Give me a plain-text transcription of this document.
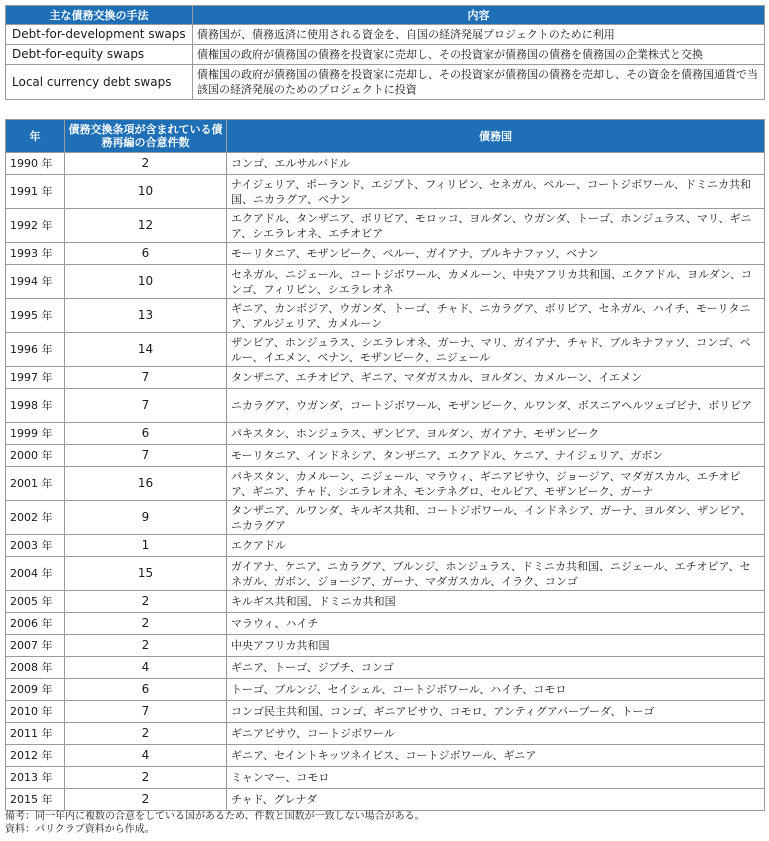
主な債務交換の手法	内容
Debt-for-development swaps	債務国が、債務返済に使用される資金を、自国の経済発展プロジェクトのために利用
Debt-for-equity swaps	債権国の政府が債務国の債務を投資家に売却し、その投資家が債務国の債務を債務国の企業株式と交換
Local currency debt swaps	債権国の政府が債務国の債務を投資家に売却し、その投資家が債務国の債務を売却し、その資金を債務国通貨で当該国の経済発展のためのプロジェクトに投資
年	債務交換条項が含まれている債務再編の合意件数	債務国
1990 年	2	コンゴ、エルサルバドル
1991 年	10	ナイジェリア、ポーランド、エジプト、フィリピン、セネガル、ペルー、コートジボワール、ドミニカ共和国、ニカラグア、ベナン
1992 年	12	エクアドル、タンザニア、ボリビア、モロッコ、ヨルダン、ウガンダ、トーゴ、ホンジュラス、マリ、ギニア、シエラレオネ、エチオピア
1993 年	6	モーリタニア、モザンビーク、ペルー、ガイアナ、ブルキナファソ、ベナン
1994 年	10	セネガル、ニジェール、コートジボワール、カメルーン、中央アフリカ共和国、エクアドル、ヨルダン、コンゴ、フィリピン、シエラレオネ
1995 年	13	ギニア、カンボジア、ウガンダ、トーゴ、チャド、ニカラグア、ボリビア、セネガル、ハイチ、モーリタニア、アルジェリア、カメルーン
1996 年	14	ザンビア、ホンジュラス、シエラレオネ、ガーナ、マリ、ガイアナ、チャド、ブルキナファソ、コンゴ、ペルー、イエメン、ベナン、モザンビーク、ニジェール
1997 年	7	タンザニア、エチオピア、ギニア、マダガスカル、ヨルダン、カメルーン、イエメン
1998 年	7	ニカラグア、ウガンダ、コートジボワール、モザンビーク、ルワンダ、ボスニアヘルツェゴビナ、ボリビア
1999 年	6	パキスタン、ホンジュラス、ザンビア、ヨルダン、ガイアナ、モザンビーク
2000 年	7	モーリタニア、インドネシア、タンザニア、エクアドル、ケニア、ナイジェリア、ガボン
2001 年	16	パキスタン、カメルーン、ニジェール、マラウィ、ギニアビサウ、ジョージア、マダガスカル、エチオピア、ギニア、チャド、シエラレオネ、モンテネグロ、セルビア、モザンビーク、ガーナ
2002 年	9	タンザニア、ルワンダ、キルギス共和、コートジボワール、インドネシア、ガーナ、ヨルダン、ザンビア、ニカラグア
2003 年	1	エクアドル
2004 年	15	ガイアナ、ケニア、ニカラグア、ブルンジ、ホンジュラス、ドミニカ共和国、ニジェール、エチオピア、セネガル、ガボン、ジョージア、ガーナ、マダガスカル、イラク、コンゴ
2005 年	2	キルギス共和国、ドミニカ共和国
2006 年	2	マラウィ、ハイチ
2007 年	2	中央アフリカ共和国
2008 年	4	ギニア、トーゴ、ジブチ、コンゴ
2009 年	6	トーゴ、ブルンジ、セイシェル、コートジボワール、ハイチ、コモロ
2010 年	7	コンゴ民主共和国、コンゴ、ギニアビサウ、コモロ、アンティグアバーブーダ、トーゴ
2011 年	2	ギニアビサウ、コートジボワール
2012 年	4	ギニア、セイントキッツネイビス、コートジボワール、ギニア
2013 年	2	ミャンマー、コモロ
2015 年	2	チャド、グレナダ
備考：同一年内に複数の合意をしている国があるため、件数と国数が一致しない場合がある。
資料：パリクラブ資料から作成。
